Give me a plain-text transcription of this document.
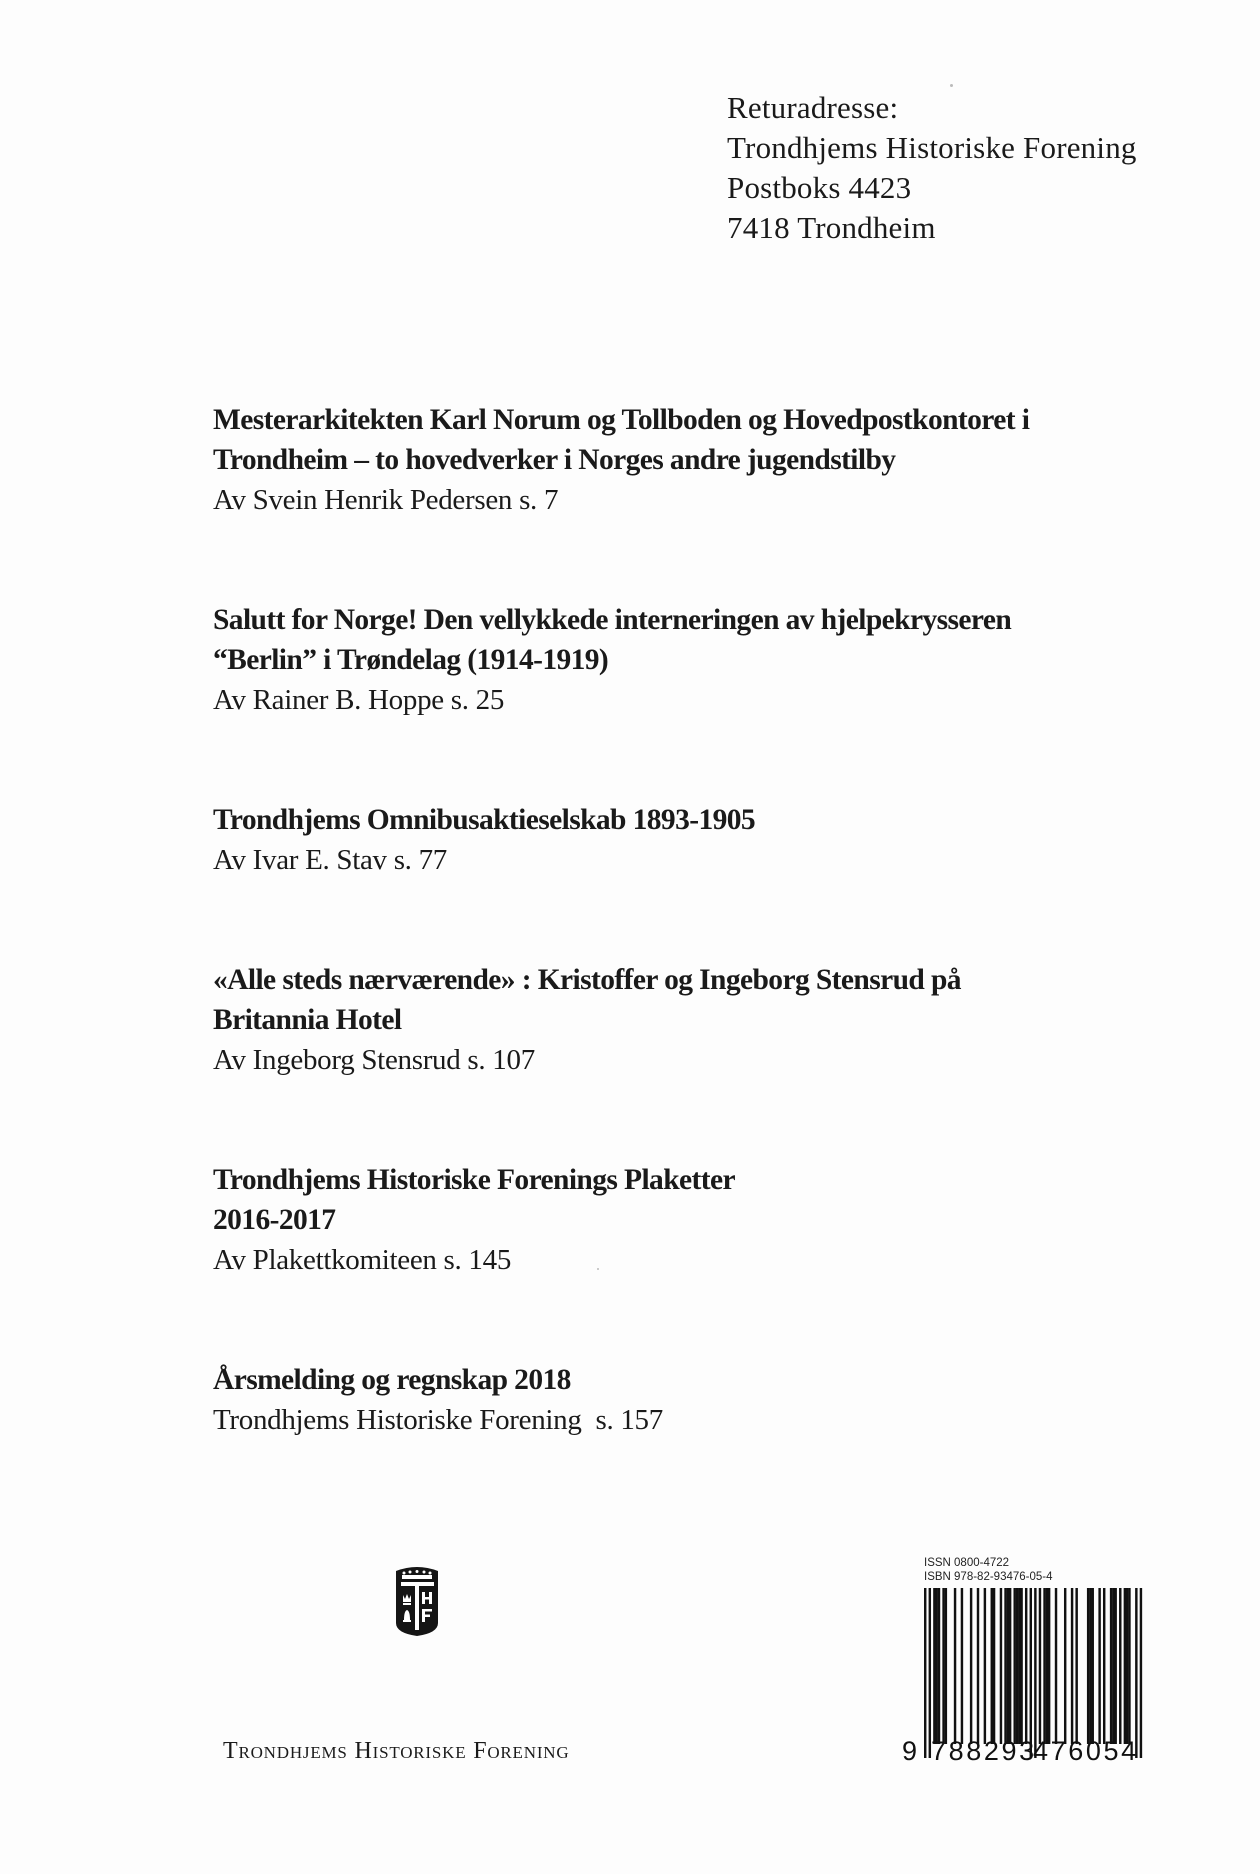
Returadresse:
Trondhjems Historiske Forening
Postboks 4423
7418 Trondheim
Mesterarkitekten Karl Norum og Tollboden og Hovedpostkontoret i
Trondheim – to hovedverker i Norges andre jugendstilby
Av Svein Henrik Pedersen s. 7
Salutt for Norge! Den vellykkede interneringen av hjelpekrysseren
“Berlin” i Trøndelag (1914-1919)
Av Rainer B. Hoppe s. 25
Trondhjems Omnibusaktieselskab 1893-1905
Av Ivar E. Stav s. 77
«Alle steds nærværende» : Kristoffer og Ingeborg Stensrud på
Britannia Hotel
Av Ingeborg Stensrud s. 107
Trondhjems Historiske Forenings Plaketter
2016-2017
Av Plakettkomiteen s. 145
Årsmelding og regnskap 2018
Trondhjems Historiske Forening  s. 157
Trondhjems Historiske Forening
ISSN 0800-4722
ISBN 978-82-93476-05-4
9 788293
476054
